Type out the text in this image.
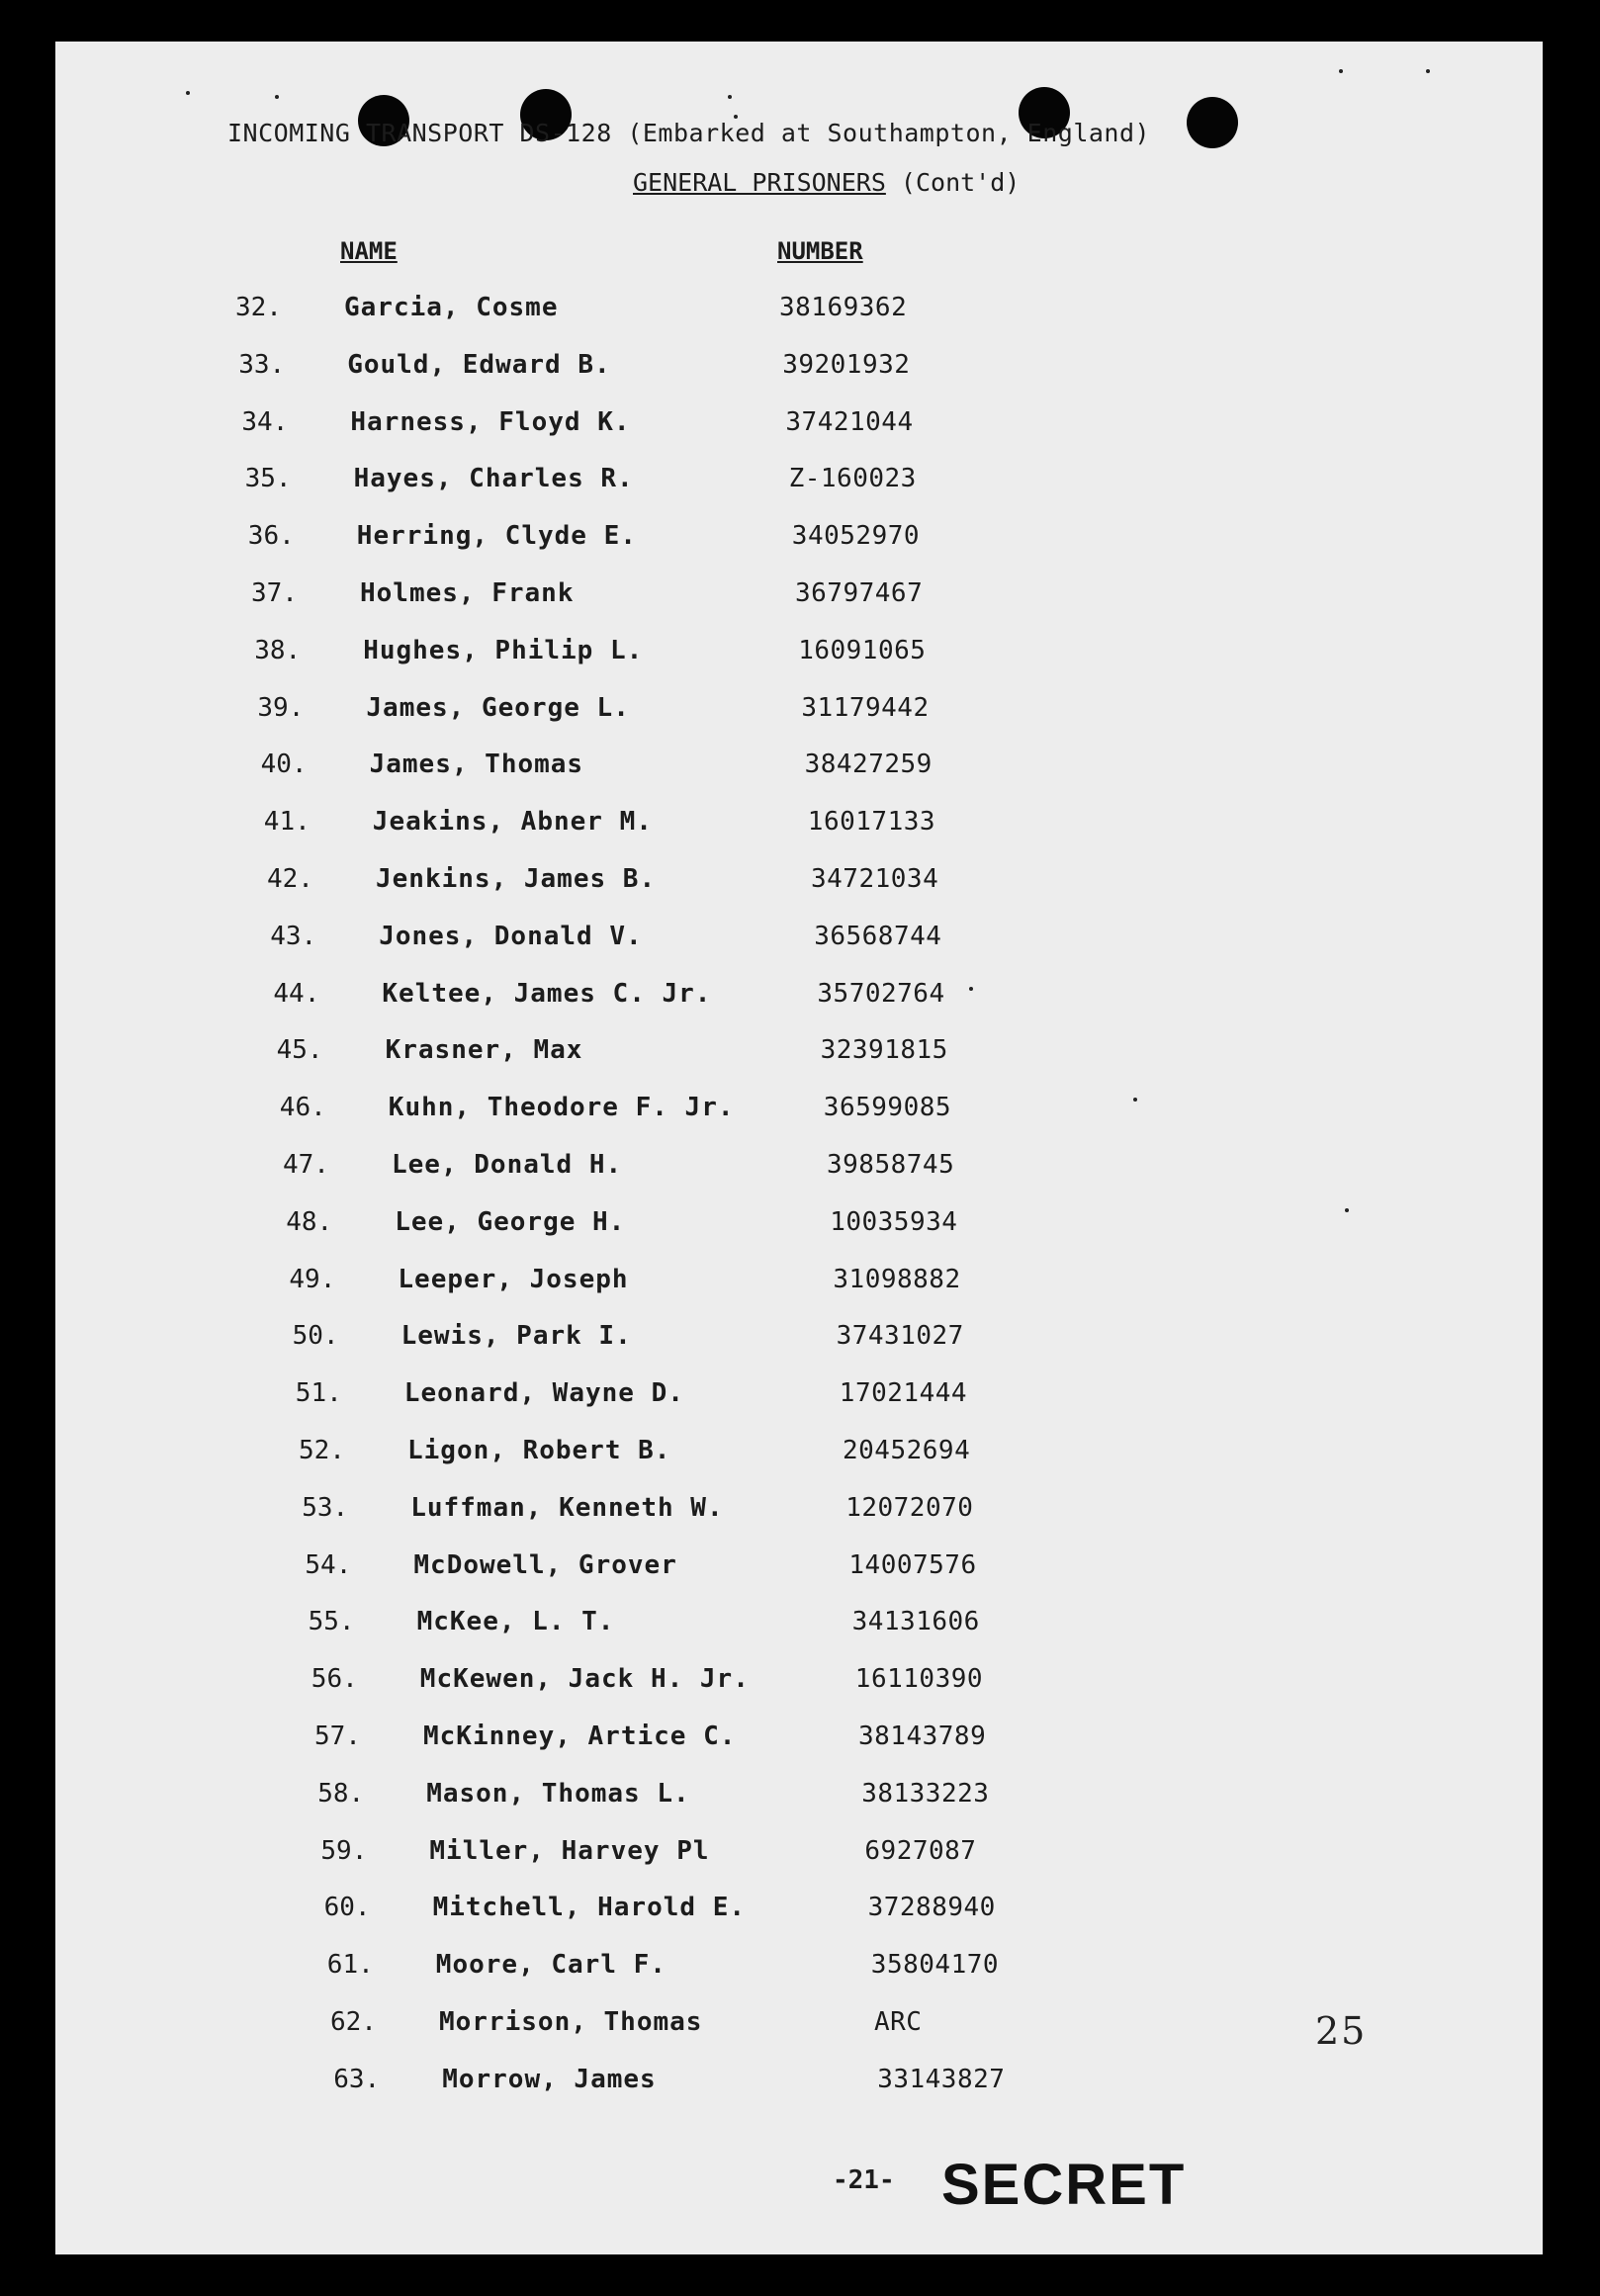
INCOMING TRANSPORT DS-128 (Embarked at Southampton, England)
GENERAL PRISONERS (Cont'd)
NAME	NUMBER
32.	Garcia, Cosme	38169362
33.	Gould, Edward B.	39201932
34.	Harness, Floyd K.	37421044
35.	Hayes, Charles R.	Z-160023
36.	Herring, Clyde E.	34052970
37.	Holmes, Frank	36797467
38.	Hughes, Philip L.	16091065
39.	James, George L.	31179442
40.	James, Thomas	38427259
41.	Jeakins, Abner M.	16017133
42.	Jenkins, James B.	34721034
43.	Jones, Donald V.	36568744
44.	Keltee, James C. Jr.	35702764
45.	Krasner, Max	32391815
46.	Kuhn, Theodore F. Jr.	36599085
47.	Lee, Donald H.	39858745
48.	Lee, George H.	10035934
49.	Leeper, Joseph	31098882
50.	Lewis, Park I.	37431027
51.	Leonard, Wayne D.	17021444
52.	Ligon, Robert B.	20452694
53.	Luffman, Kenneth W.	12072070
54.	McDowell, Grover	14007576
55.	McKee, L. T.	34131606
56.	McKewen, Jack H. Jr.	16110390
57.	McKinney, Artice C.	38143789
58.	Mason, Thomas L.	38133223
59.	Miller, Harvey Pl	6927087
60.	Mitchell, Harold E.	37288940
61.	Moore, Carl F.	35804170
62.	Morrison, Thomas	ARC
63.	Morrow, James	33143827
25
-21- SECRET
